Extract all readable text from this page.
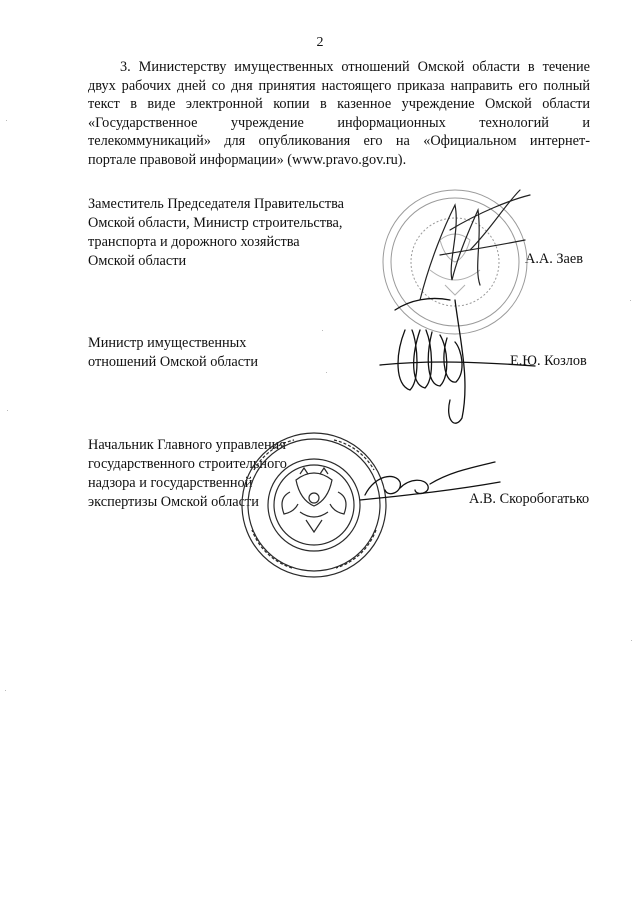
2
3. Министерству имущественных отношений Омской области в течение
двух рабочих дней со дня принятия настоящего приказа направить его полный
текст в виде электронной копии в казенное учреждение Омской области
«Государственное учреждение информационных технологий и
телекоммуникаций» для опубликования его на «Официальном интернет-
портале правовой информации» (www.pravo.gov.ru).
Заместитель Председателя Правительства
Омской области, Министр строительства,
транспорта и дорожного хозяйства
Омской области	А.А. Заев
Министр имущественных
отношений Омской области	Е.Ю. Козлов
Начальник Главного управления
государственного строительного
надзора и государственной
экспертизы Омской области	А.В. Скоробогатько
